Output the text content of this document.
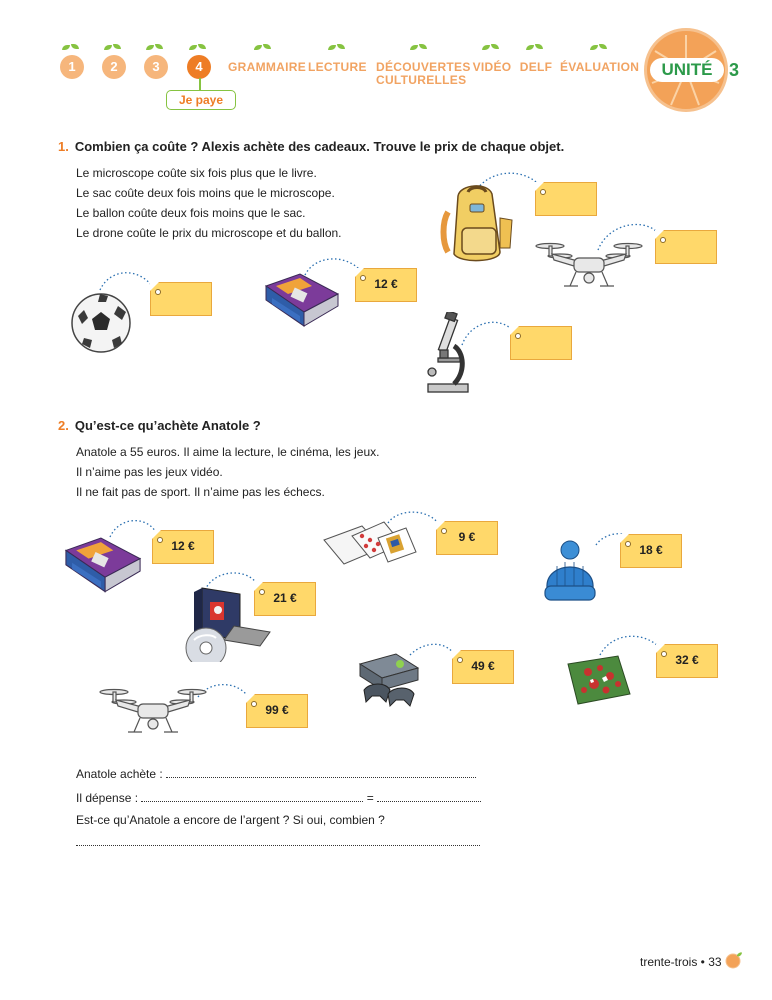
1	2	3	4
Je paye
GRAMMAIRE LECTURE DÉCOUVERTES CULTURELLES
VIDÉO DELF ÉVALUATION	UNITÉ 3
1. Combien ça coûte ? Alexis achète des cadeaux. Trouve le prix de chaque objet.
Le microscope coûte six fois plus que le livre.
Le sac coûte deux fois moins que le microscope.
Le ballon coûte deux fois moins que le sac.
Le drone coûte le prix du microscope et du ballon.
12 €
2. Qu’est-ce qu’achète Anatole ?
Anatole a 55 euros. Il aime la lecture, le cinéma, les jeux.
Il n’aime pas les jeux vidéo.
Il ne fait pas de sport. Il n’aime pas les échecs.
12 €
9 €
18 €
21 €
49 €	32 €
99 €
Anatole achète :
Il dépense :	=
Est-ce qu’Anatole a encore de l’argent ? Si oui, combien ?
trente-trois • 33
